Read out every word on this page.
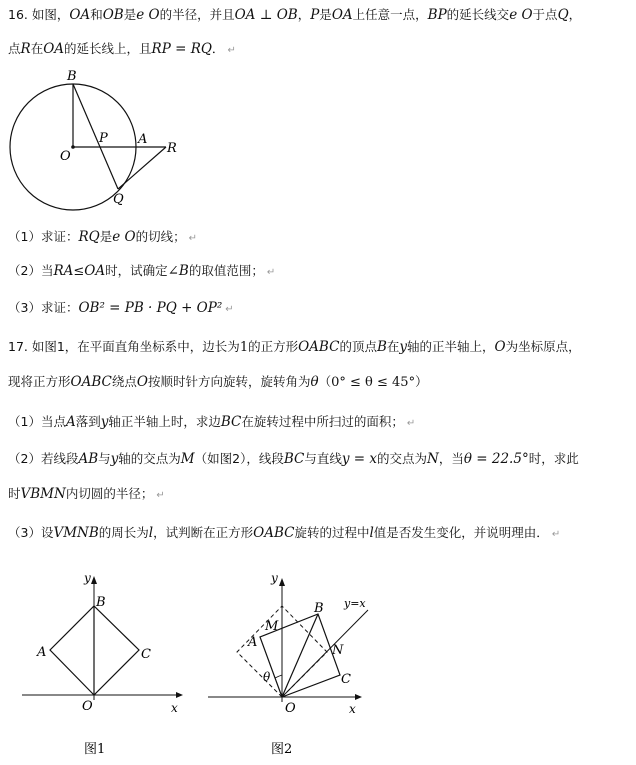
16. 如图，OA和OB是e O的半径，并且OA ⊥ OB，P是OA上任意一点，BP的延长线交e O于点Q，
点R在OA的延长线上，且RP = RQ． ↵
B
P A
O
R
Q
y
x
B
A	C
O
图1
y
x
y=x
M
B
A
N
C
θ
O
图2
（1）求证：RQ是e O的切线； ↵
（2）当RA≤OA时，试确定∠B的取值范围； ↵
（3）求证：OB² = PB · PQ + OP² ↵
17. 如图1，在平面直角坐标系中，边长为1的正方形OABC的顶点B在y轴的正半轴上，O为坐标原点，
现将正方形OABC绕点O按顺时针方向旋转，旋转角为θ（0° ≤ θ ≤ 45°）
（1）当点A落到y轴正半轴上时，求边BC在旋转过程中所扫过的面积； ↵
（2）若线段AB与y轴的交点为M（如图2），线段BC与直线y = x的交点为N，当θ = 22.5°时，求此
时VBMN内切圆的半径； ↵
（3）设VMNB的周长为l，试判断在正方形OABC旋转的过程中l值是否发生变化，并说明理由． ↵
